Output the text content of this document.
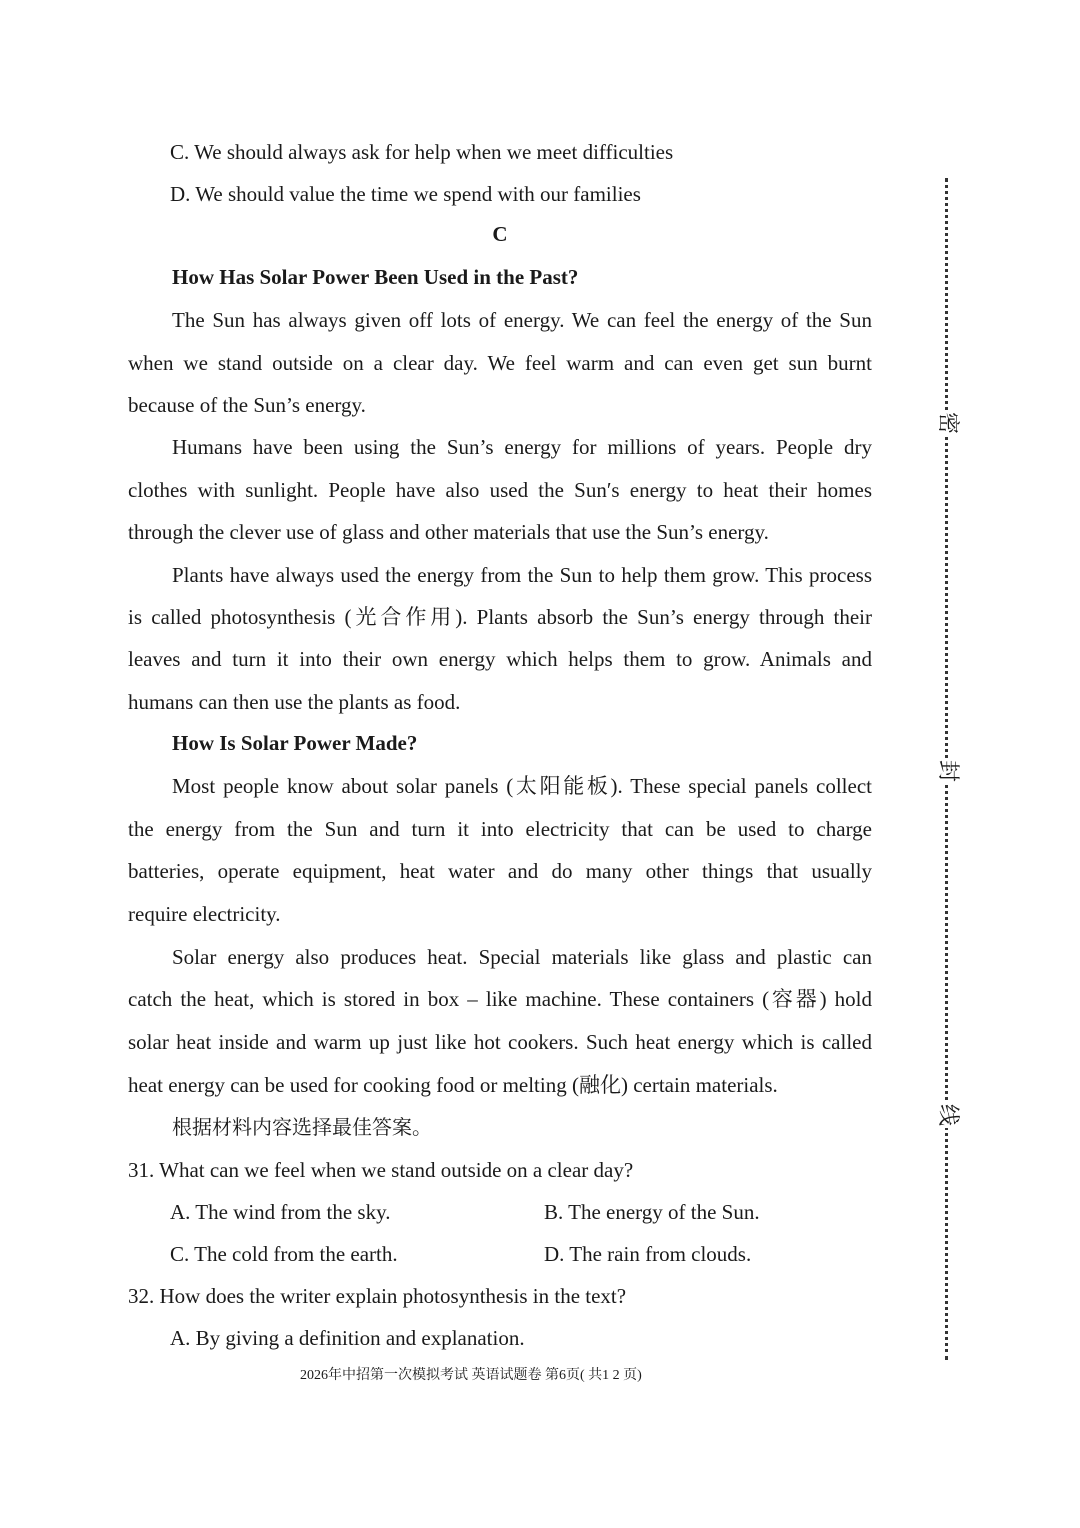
C. We should always ask for help when we meet difficulties
D. We should value the time we spend with our families
C
How Has Solar Power Been Used in the Past?
The Sun has always given off lots of energy. We can feel the energy of the Sun
when we stand outside on a clear day. We feel warm and can even get sun burnt
because of the Sun’s energy.
Humans have been using the Sun’s energy for millions of years. People dry
clothes with sunlight. People have also used the Sun′s energy to heat their homes
through the clever use of glass and other materials that use the Sun’s energy.
Plants have always used the energy from the Sun to help them grow. This process
is called photosynthesis (光合作用). Plants absorb the Sun’s energy through their
leaves and turn it into their own energy which helps them to grow. Animals and
humans can then use the plants as food.
How Is Solar Power Made?
Most people know about solar panels (太阳能板). These special panels collect
the energy from the Sun and turn it into electricity that can be used to charge
batteries, operate equipment, heat water and do many other things that usually
require electricity.
Solar energy also produces heat. Special materials like glass and plastic can
catch the heat, which is stored in box – like machine. These containers (容器) hold
solar heat inside and warm up just like hot cookers. Such heat energy which is called
heat energy can be used for cooking food or melting (融化) certain materials.
根据材料内容选择最佳答案。
31. What can we feel when we stand outside on a clear day?
A. The wind from the sky.	B. The energy of the Sun.
C. The cold from the earth.	D. The rain from clouds.
32. How does the writer explain photosynthesis in the text?
A. By giving a definition and explanation.
2026年中招第一次模拟考试 英语试题卷 第6页( 共1 2 页)
密
封
线
